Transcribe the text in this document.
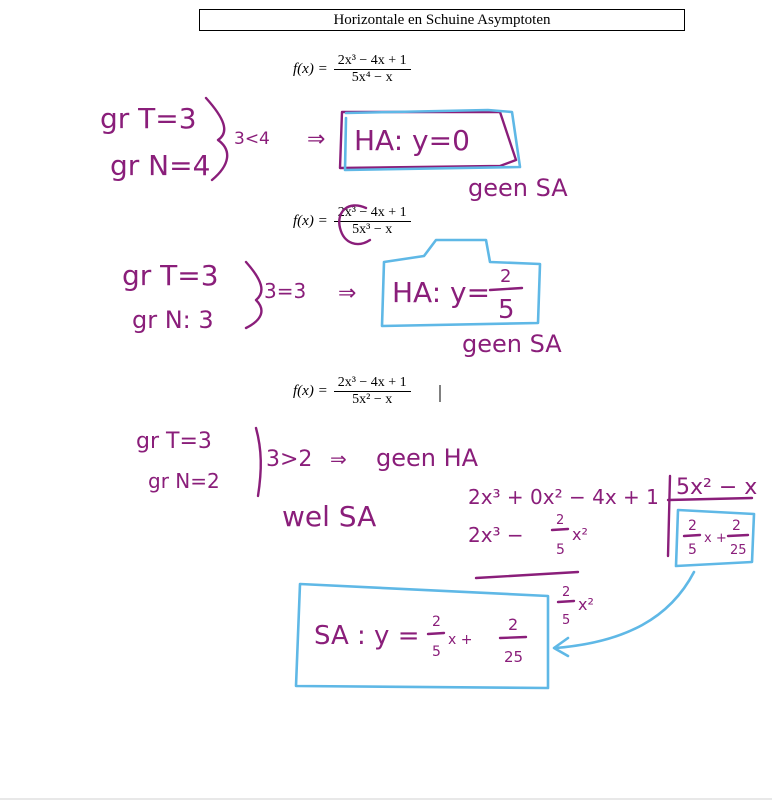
Horizontale en Schuine Asymptoten
$f(x) = \frac{\text{2x³ − 4x + 1}}{\text{5x⁴ − x}}$
$f(x) = \frac{\text{2x³ − 4x + 1}}{\text{5x³ − x}}$
$f(x) = \frac{\text{2x³ − 4x + 1}}{\text{5x² − x}}$
gr T=3
gr N=4
3<4 ⇒ HA: y=0
geen SA
gr T=3
gr N: 3
3=3 ⇒ HA: y= 2
5
geen SA
gr T=3
gr N=2
3>2 ⇒ geen HA
wel SA
2x³ + 0x² − 4x + 1
2x³ −
2
5
x²
5x² − x
2
5
x +
2
25
2
5
x²
SA : y = 2
5
x +
2
25
